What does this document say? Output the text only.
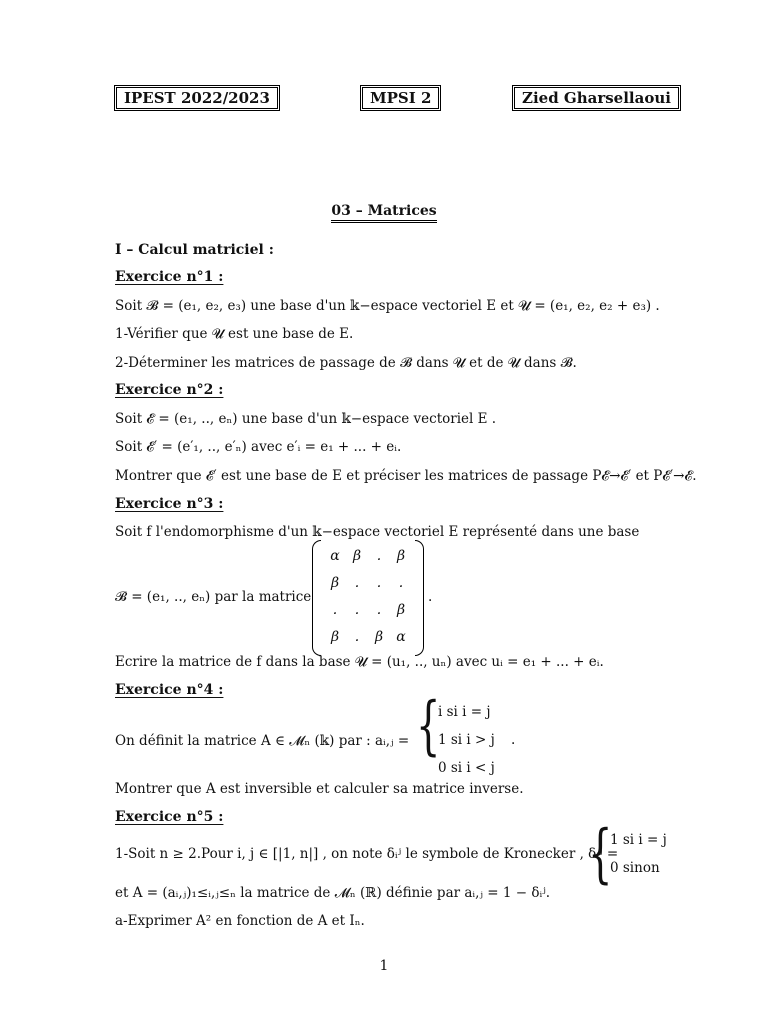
IPEST 2022/2023	MPSI 2	Zied Gharsellaoui
03 – Matrices
I – Calcul matriciel :
Exercice n°1 :
Soit 𝓑 = (e₁, e₂, e₃) une base d'un 𝕜−espace vectoriel E et 𝓤 = (e₁, e₂, e₂ + e₃) .
1-Vérifier que 𝓤 est une base de E.
2-Déterminer les matrices de passage de 𝓑 dans 𝓤 et de 𝓤 dans 𝓑.
Exercice n°2 :
Soit 𝓔 = (e₁, .., eₙ) une base d'un 𝕜−espace vectoriel E .
Soit 𝓔′ = (e′₁, .., e′ₙ) avec e′ᵢ = e₁ + ... + eᵢ.
Montrer que 𝓔′ est une base de E et préciser les matrices de passage P𝓔→𝓔′ et P𝓔′→𝓔.
Exercice n°3 :
Soit f l'endomorphisme d'un 𝕜−espace vectoriel E représenté dans une base
𝓑 = (e₁, .., eₙ) par la matrice
α	β	.	β
β	.	.	.
.	.	.	β
β	.	β	α
.
Ecrire la matrice de f dans la base 𝓤 = (u₁, .., uₙ) avec uᵢ = e₁ + ... + eᵢ.
Exercice n°4 :
On définit la matrice A ∈ 𝓜ₙ (𝕜) par : aᵢ,ⱼ = {
i si i = j
1 si i > j .
0 si i < j
Montrer que A est inversible et calculer sa matrice inverse.
Exercice n°5 :
1-Soit n ≥ 2.Pour i, j ∈ [|1, n|] , on note δᵢʲ le symbole de Kronecker , δᵢʲ =
{
1 si i = j
0 sinon
et A = (aᵢ,ⱼ)₁≤ᵢ,ⱼ≤ₙ la matrice de 𝓜ₙ (ℝ) définie par aᵢ,ⱼ = 1 − δᵢʲ.
a-Exprimer A² en fonction de A et Iₙ.
1
